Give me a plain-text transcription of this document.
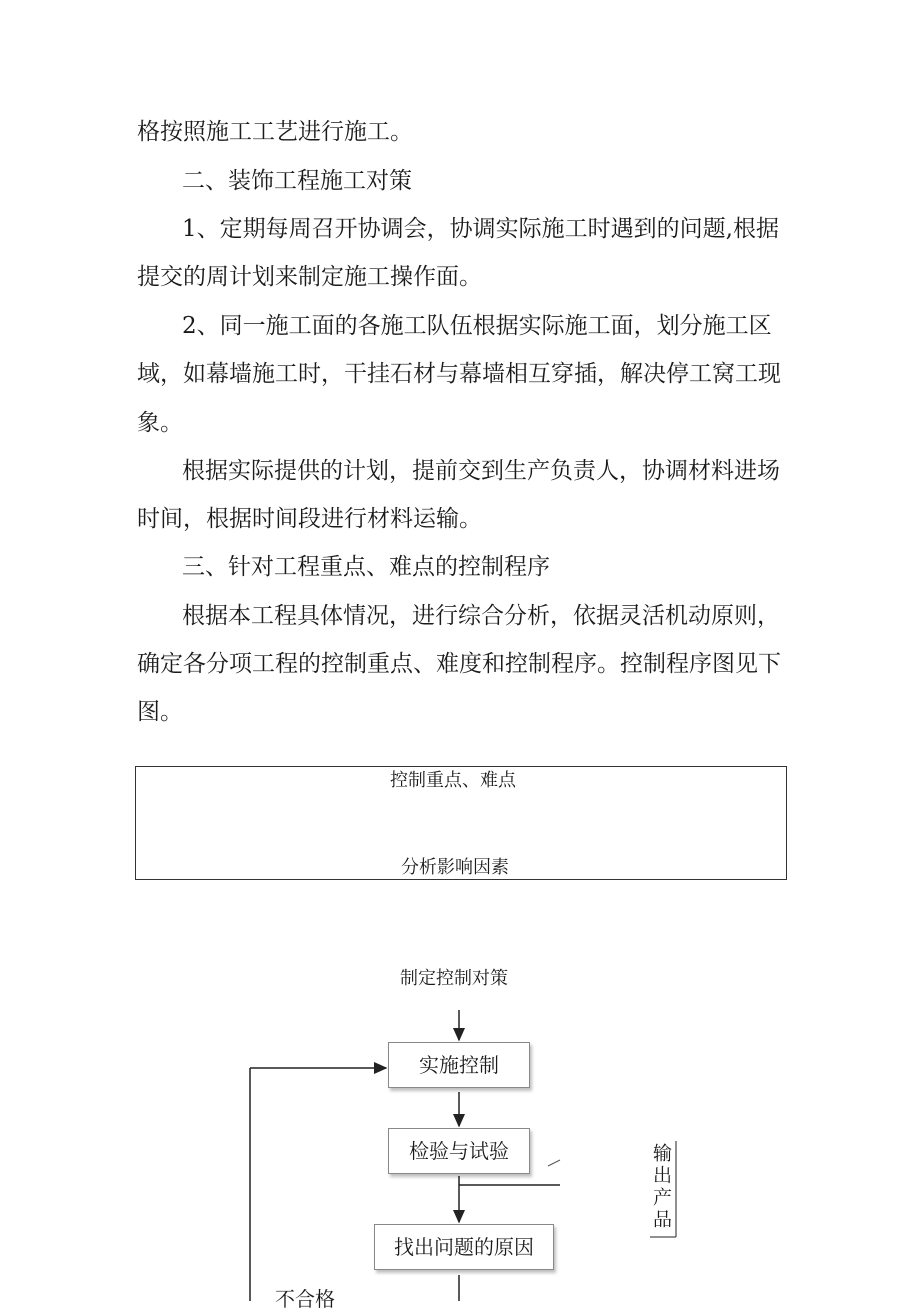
格按照施工工艺进行施工。
二、装饰工程施工对策
1、定期每周召开协调会，协调实际施工时遇到的问题,根据
提交的周计划来制定施工操作面。
2、同一施工面的各施工队伍根据实际施工面，划分施工区
域，如幕墙施工时，干挂石材与幕墙相互穿插，解决停工窝工现
象。
根据实际提供的计划，提前交到生产负责人，协调材料进场
时间，根据时间段进行材料运输。
三、针对工程重点、难点的控制程序
根据本工程具体情况，进行综合分析，依据灵活机动原则，
确定各分项工程的控制重点、难度和控制程序。控制程序图见下
图。
控制重点、难点
分析影响因素
制定控制对策
实施控制
检验与试验
找出问题的原因
输出产品
不合格
